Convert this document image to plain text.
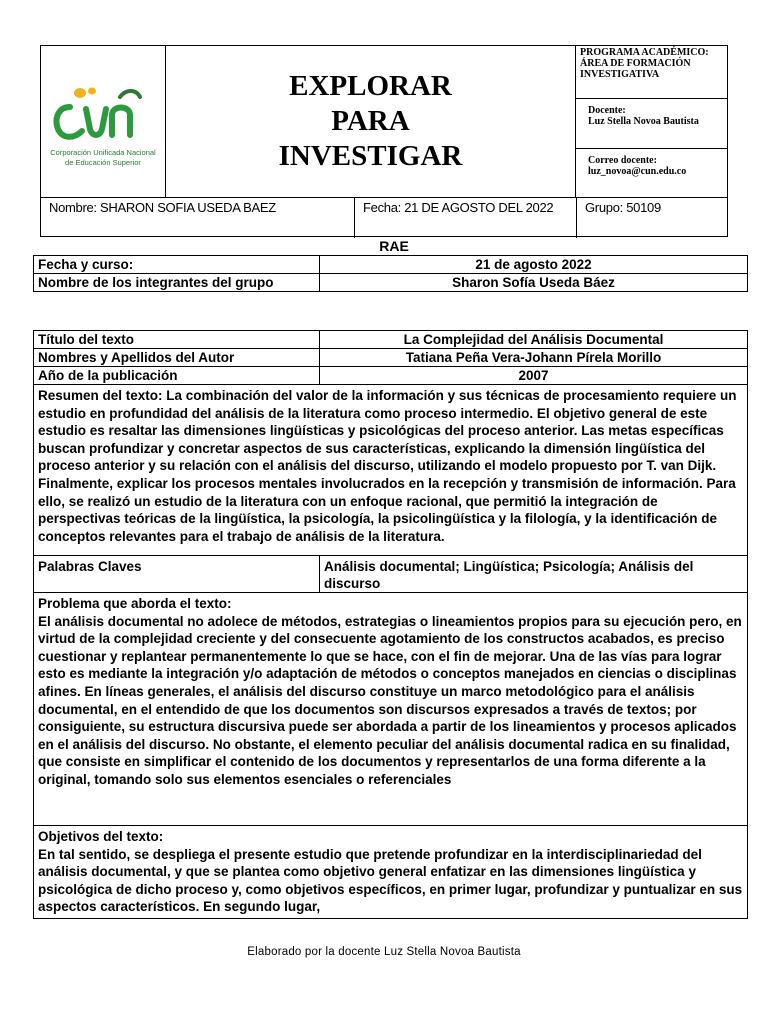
Corporación Unificada Nacional
de Educación Superior
EXPLORAR
PARA
INVESTIGAR
PROGRAMA ACADÉMICO: ÁREA DE FORMACIÓN INVESTIGATIVA
Docente:
Luz Stella Novoa Bautista
Correo docente:
luz_novoa@cun.edu.co
Nombre: SHARON SOFIA USEDA BAEZ	Fecha: 21 DE AGOSTO DEL 2022	Grupo: 50109
RAE
Fecha y curso:	21 de agosto 2022
Nombre de los integrantes del grupo	Sharon Sofía Useda Báez
Título del texto	La Complejidad del Análisis Documental
Nombres y Apellidos del Autor	Tatiana Peña Vera-Johann Pírela Morillo
Año de la publicación	2007
Resumen del texto: La combinación del valor de la información y sus técnicas de procesamiento requiere un estudio en profundidad del análisis de la literatura como proceso intermedio. El objetivo general de este estudio es resaltar las dimensiones lingüísticas y psicológicas del proceso anterior. Las metas específicas buscan profundizar y concretar aspectos de sus características, explicando la dimensión lingüística del proceso anterior y su relación con el análisis del discurso, utilizando el modelo propuesto por T. van Dijk. Finalmente, explicar los procesos mentales involucrados en la recepción y transmisión de información. Para ello, se realizó un estudio de la literatura con un enfoque racional, que permitió la integración de perspectivas teóricas de la lingüística, la psicología, la psicolingüística y la filología, y la identificación de conceptos relevantes para el trabajo de análisis de la literatura.	
Palabras Claves	Análisis documental; Lingüística; Psicología; Análisis del discurso

Problema que aborda el texto:
El análisis documental no adolece de métodos, estrategias o lineamientos propios para su ejecución pero, en virtud de la complejidad creciente y del consecuente agotamiento de los constructos acabados, es preciso cuestionar y replantear permanentemente lo que se hace, con el fin de mejorar. Una de las vías para lograr esto es mediante la integración y/o adaptación de métodos o conceptos manejados en ciencias o disciplinas afines. En líneas generales, el análisis del discurso constituye un marco metodológico para el análisis documental, en el entendido de que los documentos son discursos expresados a través de textos; por consiguiente, su estructura discursiva puede ser abordada a partir de los lineamientos y procesos aplicados en el análisis del discurso. No obstante, el elemento peculiar del análisis documental radica en su finalidad, que consiste en simplificar el contenido de los documentos y representarlos de una forma diferente a la original, tomando solo sus elementos esenciales o referenciales	

Objetivos del texto:
En tal sentido, se despliega el presente estudio que pretende profundizar en la interdisciplinariedad del análisis documental, y que se plantea como objetivo general enfatizar en las dimensiones lingüística y psicológica de dicho proceso y, como objetivos específicos, en primer lugar, profundizar y puntualizar en sus aspectos característicos. En segundo lugar,	
Elaborado por la docente Luz Stella Novoa Bautista
